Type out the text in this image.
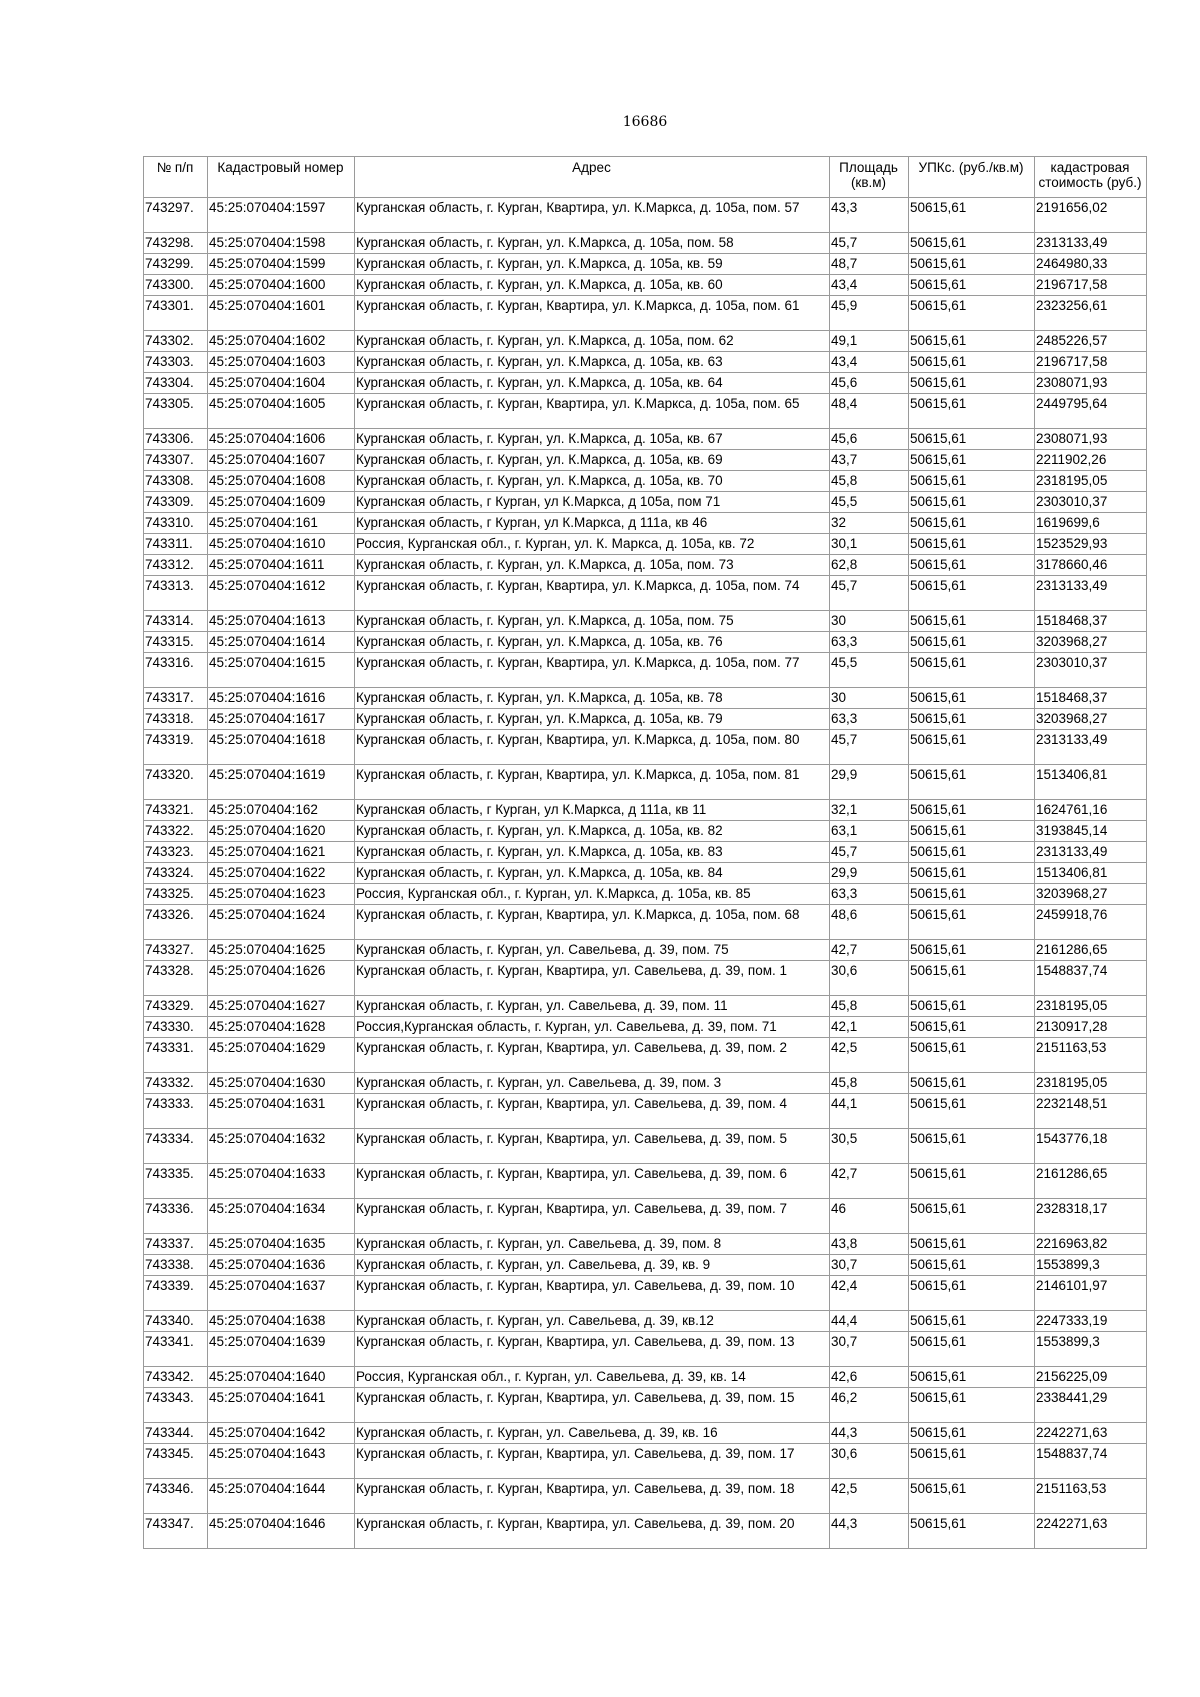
16686
№ п/п	Кадастровый номер	Адрес	Площадь (кв.м)	УПКс. (руб./кв.м)	кадастровая стоимость (руб.)
743297.	45:25:070404:1597	Курганская область, г. Курган, Квартира, ул. К.Маркса, д. 105а, пом. 57	43,3	50615,61	2191656,02
743298.	45:25:070404:1598	Курганская область, г. Курган, ул. К.Маркса, д. 105а, пом. 58	45,7	50615,61	2313133,49
743299.	45:25:070404:1599	Курганская область, г. Курган, ул. К.Маркса, д. 105а, кв. 59	48,7	50615,61	2464980,33
743300.	45:25:070404:1600	Курганская область, г. Курган, ул. К.Маркса, д. 105а, кв. 60	43,4	50615,61	2196717,58
743301.	45:25:070404:1601	Курганская область, г. Курган, Квартира, ул. К.Маркса, д. 105а, пом. 61	45,9	50615,61	2323256,61
743302.	45:25:070404:1602	Курганская область, г. Курган, ул. К.Маркса, д. 105а, пом. 62	49,1	50615,61	2485226,57
743303.	45:25:070404:1603	Курганская область, г. Курган, ул. К.Маркса, д. 105а, кв. 63	43,4	50615,61	2196717,58
743304.	45:25:070404:1604	Курганская область, г. Курган, ул. К.Маркса, д. 105а, кв. 64	45,6	50615,61	2308071,93
743305.	45:25:070404:1605	Курганская область, г. Курган, Квартира, ул. К.Маркса, д. 105а, пом. 65	48,4	50615,61	2449795,64
743306.	45:25:070404:1606	Курганская область, г. Курган, ул. К.Маркса, д. 105а, кв. 67	45,6	50615,61	2308071,93
743307.	45:25:070404:1607	Курганская область, г. Курган, ул. К.Маркса, д. 105а, кв. 69	43,7	50615,61	2211902,26
743308.	45:25:070404:1608	Курганская область, г. Курган, ул. К.Маркса, д. 105а, кв. 70	45,8	50615,61	2318195,05
743309.	45:25:070404:1609	Курганская область, г Курган, ул К.Маркса, д 105а, пом 71	45,5	50615,61	2303010,37
743310.	45:25:070404:161	Курганская область, г Курган, ул К.Маркса, д 111а, кв 46	32	50615,61	1619699,6
743311.	45:25:070404:1610	Россия, Курганская обл., г. Курган, ул. К. Маркса, д. 105а, кв. 72	30,1	50615,61	1523529,93
743312.	45:25:070404:1611	Курганская область, г. Курган, ул. К.Маркса, д. 105а, пом. 73	62,8	50615,61	3178660,46
743313.	45:25:070404:1612	Курганская область, г. Курган, Квартира, ул. К.Маркса, д. 105а, пом. 74	45,7	50615,61	2313133,49
743314.	45:25:070404:1613	Курганская область, г. Курган, ул. К.Маркса, д. 105а, пом. 75	30	50615,61	1518468,37
743315.	45:25:070404:1614	Курганская область, г. Курган, ул. К.Маркса, д. 105а, кв. 76	63,3	50615,61	3203968,27
743316.	45:25:070404:1615	Курганская область, г. Курган, Квартира, ул. К.Маркса, д. 105а, пом. 77	45,5	50615,61	2303010,37
743317.	45:25:070404:1616	Курганская область, г. Курган, ул. К.Маркса, д. 105а, кв. 78	30	50615,61	1518468,37
743318.	45:25:070404:1617	Курганская область, г. Курган, ул. К.Маркса, д. 105а, кв. 79	63,3	50615,61	3203968,27
743319.	45:25:070404:1618	Курганская область, г. Курган, Квартира, ул. К.Маркса, д. 105а, пом. 80	45,7	50615,61	2313133,49
743320.	45:25:070404:1619	Курганская область, г. Курган, Квартира, ул. К.Маркса, д. 105а, пом. 81	29,9	50615,61	1513406,81
743321.	45:25:070404:162	Курганская область, г Курган, ул К.Маркса, д 111а, кв 11	32,1	50615,61	1624761,16
743322.	45:25:070404:1620	Курганская область, г. Курган, ул. К.Маркса, д. 105а, кв. 82	63,1	50615,61	3193845,14
743323.	45:25:070404:1621	Курганская область, г. Курган, ул. К.Маркса, д. 105а, кв. 83	45,7	50615,61	2313133,49
743324.	45:25:070404:1622	Курганская область, г. Курган, ул. К.Маркса, д. 105а, кв. 84	29,9	50615,61	1513406,81
743325.	45:25:070404:1623	Россия, Курганская обл., г. Курган, ул. К.Маркса, д. 105а, кв. 85	63,3	50615,61	3203968,27
743326.	45:25:070404:1624	Курганская область, г. Курган, Квартира, ул. К.Маркса, д. 105а, пом. 68	48,6	50615,61	2459918,76
743327.	45:25:070404:1625	Курганская область, г. Курган, ул. Савельева, д. 39, пом. 75	42,7	50615,61	2161286,65
743328.	45:25:070404:1626	Курганская область, г. Курган, Квартира, ул. Савельева, д. 39, пом. 1	30,6	50615,61	1548837,74
743329.	45:25:070404:1627	Курганская область, г. Курган, ул. Савельева, д. 39, пом. 11	45,8	50615,61	2318195,05
743330.	45:25:070404:1628	Россия,Курганская область, г. Курган, ул. Савельева, д. 39, пом. 71	42,1	50615,61	2130917,28
743331.	45:25:070404:1629	Курганская область, г. Курган, Квартира, ул. Савельева, д. 39, пом. 2	42,5	50615,61	2151163,53
743332.	45:25:070404:1630	Курганская область, г. Курган, ул. Савельева, д. 39, пом. 3	45,8	50615,61	2318195,05
743333.	45:25:070404:1631	Курганская область, г. Курган, Квартира, ул. Савельева, д. 39, пом. 4	44,1	50615,61	2232148,51
743334.	45:25:070404:1632	Курганская область, г. Курган, Квартира, ул. Савельева, д. 39, пом. 5	30,5	50615,61	1543776,18
743335.	45:25:070404:1633	Курганская область, г. Курган, Квартира, ул. Савельева, д. 39, пом. 6	42,7	50615,61	2161286,65
743336.	45:25:070404:1634	Курганская область, г. Курган, Квартира, ул. Савельева, д. 39, пом. 7	46	50615,61	2328318,17
743337.	45:25:070404:1635	Курганская область, г. Курган, ул. Савельева, д. 39, пом. 8	43,8	50615,61	2216963,82
743338.	45:25:070404:1636	Курганская область, г. Курган, ул. Савельева, д. 39, кв. 9	30,7	50615,61	1553899,3
743339.	45:25:070404:1637	Курганская область, г. Курган, Квартира, ул. Савельева, д. 39, пом. 10	42,4	50615,61	2146101,97
743340.	45:25:070404:1638	Курганская область, г. Курган, ул. Савельева, д. 39, кв.12	44,4	50615,61	2247333,19
743341.	45:25:070404:1639	Курганская область, г. Курган, Квартира, ул. Савельева, д. 39, пом. 13	30,7	50615,61	1553899,3
743342.	45:25:070404:1640	Россия, Курганская обл., г. Курган, ул. Савельева, д. 39, кв. 14	42,6	50615,61	2156225,09
743343.	45:25:070404:1641	Курганская область, г. Курган, Квартира, ул. Савельева, д. 39, пом. 15	46,2	50615,61	2338441,29
743344.	45:25:070404:1642	Курганская область, г. Курган, ул. Савельева, д. 39, кв. 16	44,3	50615,61	2242271,63
743345.	45:25:070404:1643	Курганская область, г. Курган, Квартира, ул. Савельева, д. 39, пом. 17	30,6	50615,61	1548837,74
743346.	45:25:070404:1644	Курганская область, г. Курган, Квартира, ул. Савельева, д. 39, пом. 18	42,5	50615,61	2151163,53
743347.	45:25:070404:1646	Курганская область, г. Курган, Квартира, ул. Савельева, д. 39, пом. 20	44,3	50615,61	2242271,63
